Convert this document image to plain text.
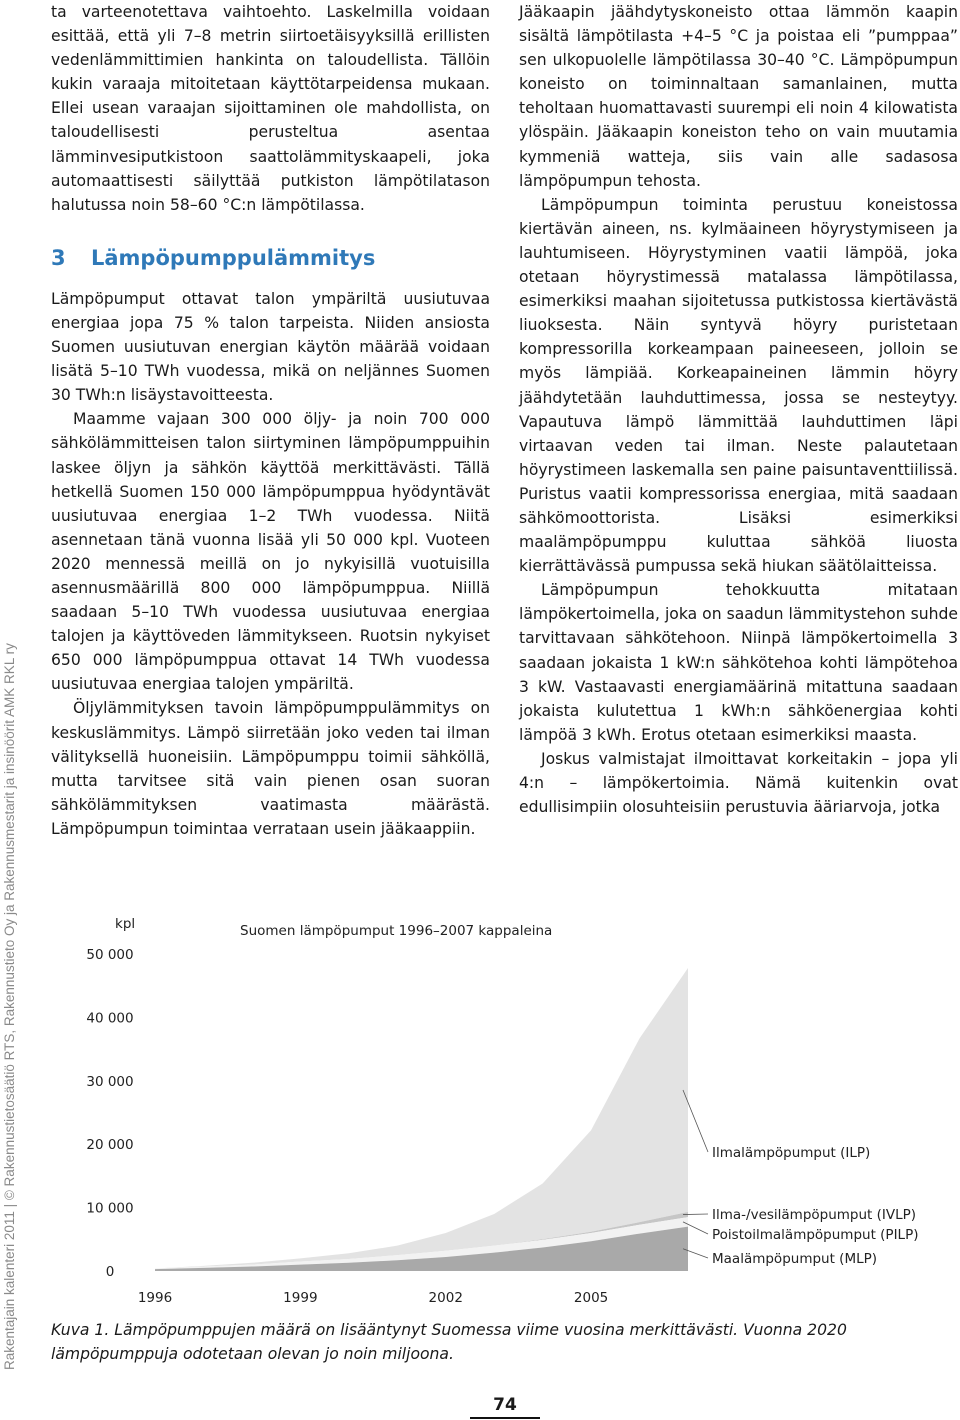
Rakentajain kalenteri 2011 | © Rakennustietosäätiö RTS, Rakennustieto Oy ja Rakennusmestarit ja insinöörit AMK RKL ry

ta varteenotettava vaihtoehto. Laskelmilla voidaan esittää, että yli 7–8 metrin siirtoetäisyyksillä erillisten vedenlämmittimien hankinta on taloudellista. Tällöin kukin varaaja mitoitetaan käyttötarpeidensa mukaan. Ellei usean varaajan sijoittaminen ole mahdollista, on taloudellisesti perusteltua asentaa lämminvesiputkistoon saattolämmityskaapeli, joka automaattisesti säilyttää putkiston lämpötilatason halutussa noin 58–60 °C:n lämpötilassa.

3 Lämpöpumppulämmitys

Lämpöpumput ottavat talon ympäriltä uusiutuvaa energiaa jopa 75 % talon tarpeista. Niiden ansiosta Suomen uusiutuvan energian käytön määrää voidaan lisätä 5–10 TWh vuodessa, mikä on neljännes Suomen 30 TWh:n lisäystavoitteesta.

Maamme vajaan 300 000 öljy- ja noin 700 000 sähkölämmitteisen talon siirtyminen lämpöpumppuihin laskee öljyn ja sähkön käyttöä merkittävästi. Tällä hetkellä Suomen 150 000 lämpöpumppua hyödyntävät uusiutuvaa energiaa 1–2 TWh vuodessa. Niitä asennetaan tänä vuonna lisää yli 50 000 kpl. Vuoteen 2020 mennessä meillä on jo nykyisillä vuotuisilla asennusmäärillä 800 000 lämpöpumppua. Niillä saadaan 5–10 TWh vuodessa uusiutuvaa energiaa talojen ja käyttöveden lämmitykseen. Ruotsin nykyiset 650 000 lämpöpumppua ottavat 14 TWh vuodessa uusiutuvaa energiaa talojen ympäriltä.

Öljylämmityksen tavoin lämpöpumppulämmitys on keskuslämmitys. Lämpö siirretään joko veden tai ilman välityksellä huoneisiin. Lämpöpumppu toimii sähköllä, mutta tarvitsee sitä vain pienen osan suoran sähkölämmityksen vaatimasta määrästä. Lämpöpumpun toimintaa verrataan usein jääkaappiin.

Jääkaapin jäähdytyskoneisto ottaa lämmön kaapin sisältä lämpötilasta +4–5 °C ja poistaa eli ”pumppaa” sen ulkopuolelle lämpötilassa 30–40 °C. Lämpöpumpun koneisto on toiminnaltaan samanlainen, mutta teholtaan huomattavasti suurempi eli noin 4 kilowatista ylöspäin. Jääkaapin koneiston teho on vain muutamia kymmeniä watteja, siis vain alle sadasosa lämpöpumpun tehosta.

Lämpöpumpun toiminta perustuu koneistossa kiertävän aineen, ns. kylmäaineen höyrystymiseen ja lauhtumiseen. Höyrystyminen vaatii lämpöä, joka otetaan höyrystimessä matalassa lämpötilassa, esimerkiksi maahan sijoitetussa putkistossa kiertävästä liuoksesta. Näin syntyvä höyry puristetaan kompressorilla korkeampaan paineeseen, jolloin se myös lämpiää. Korkeapaineinen lämmin höyry jäähdytetään lauhduttimessa, jossa se nesteytyy. Vapautuva lämpö lämmittää lauhduttimen läpi virtaavan veden tai ilman. Neste palautetaan höyrystimeen laskemalla sen paine paisuntaventtiilissä. Puristus vaatii kompressorissa energiaa, mitä saadaan sähkömoottorista. Lisäksi esimerkiksi maalämpöpumppu kuluttaa sähköä liuosta kierrättävässä pumpussa sekä hiukan säätölaitteissa.

Lämpöpumpun tehokkuutta mitataan lämpökertoimella, joka on saadun lämmitystehon suhde tarvittavaan sähkötehoon. Niinpä lämpökertoimella 3 saadaan jokaista 1 kW:n sähkötehoa kohti lämpötehoa 3 kW. Vastaavasti energiamäärinä mitattuna saadaan jokaista kulutettua 1 kWh:n sähköenergiaa kohti lämpöä 3 kWh. Erotus otetaan esimerkiksi maasta.

Joskus valmistajat ilmoittavat korkeitakin – jopa yli 4:n – lämpökertoimia. Nämä kuitenkin ovat edullisimpiin olosuhteisiin perustuvia ääriarvoja, jotka

kpl
0
10 000
20 000
30 000
40 000
50 000
1996	1999	2002	2005
Suomen lämpöpumput 1996–2007 kappaleina
Ilmalämpöpumput (ILP)
Ilma-/vesilämpöpumput (IVLP)
Poistoilmalämpöpumput (PILP)
Maalämpöpumput (MLP)
Kuva 1. Lämpöpumppujen määrä on lisääntynyt Suomessa viime vuosina merkittävästi. Vuonna 2020 lämpöpumppuja odotetaan olevan jo noin miljoona.
74
